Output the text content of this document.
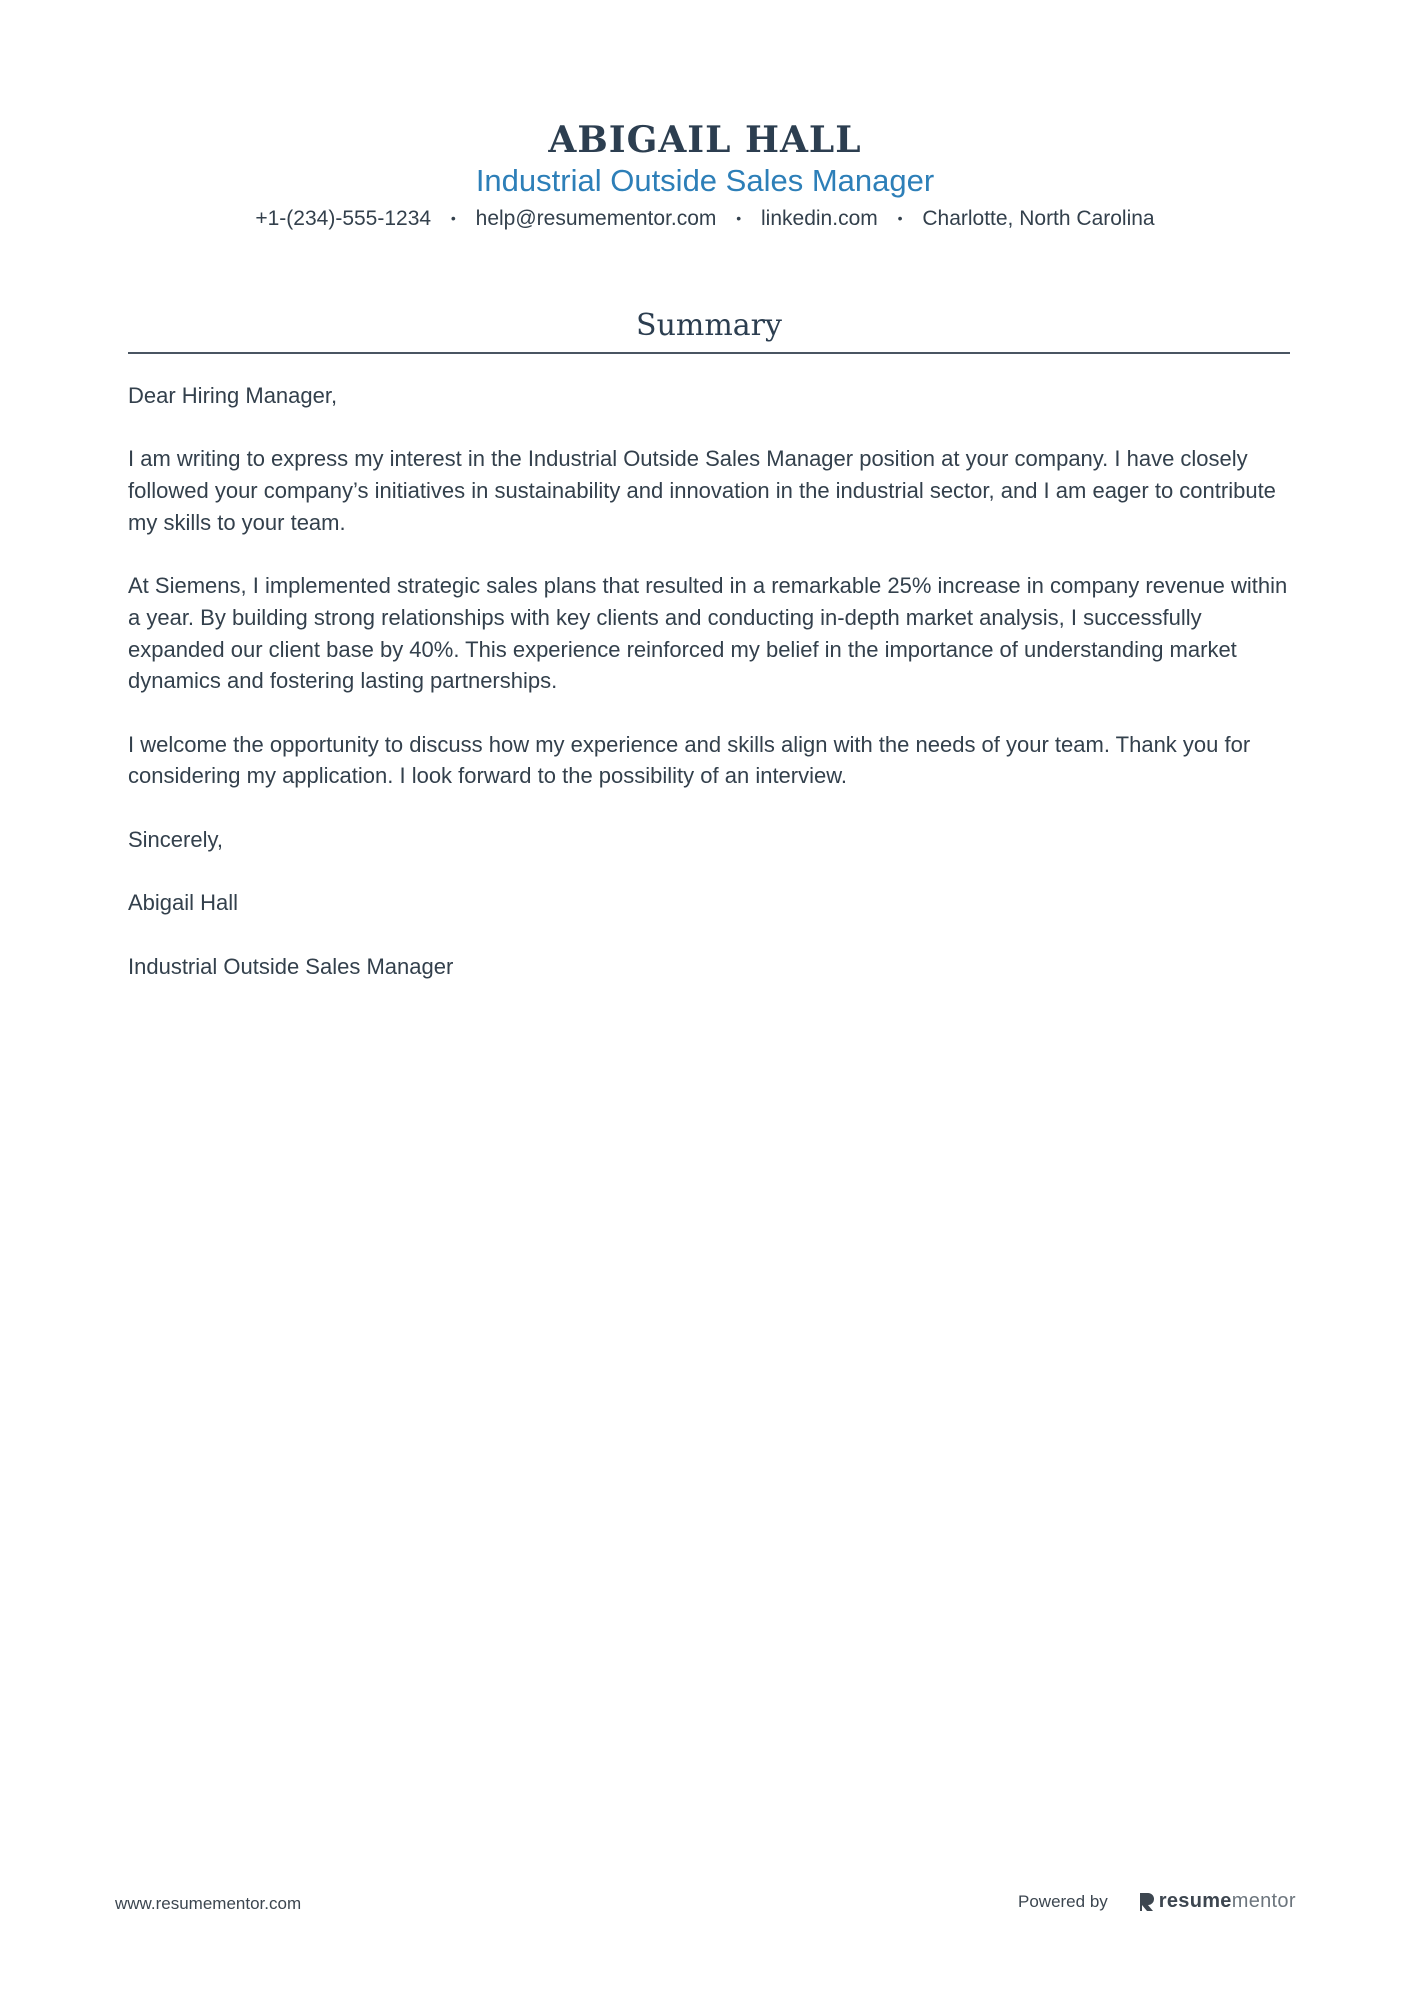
ABIGAIL HALL
Industrial Outside Sales Manager
+1-(234)-555-1234 • help@resumementor.com • linkedin.com • Charlotte, North Carolina
Summary

Dear Hiring Manager,

I am writing to express my interest in the Industrial Outside Sales Manager position at your company. I have closely followed your company’s initiatives in sustainability and innovation in the industrial sector, and I am eager to contribute my skills to your team.

At Siemens, I implemented strategic sales plans that resulted in a remarkable 25% increase in company revenue within a year. By building strong relationships with key clients and conducting in-depth market analysis, I successfully expanded our client base by 40%. This experience reinforced my belief in the importance of understanding market dynamics and fostering lasting partnerships.

I welcome the opportunity to discuss how my experience and skills align with the needs of your team. Thank you for considering my application. I look forward to the possibility of an interview.

Sincerely,

Abigail Hall

Industrial Outside Sales Manager

www.resumementor.com	Powered by	resumementor
